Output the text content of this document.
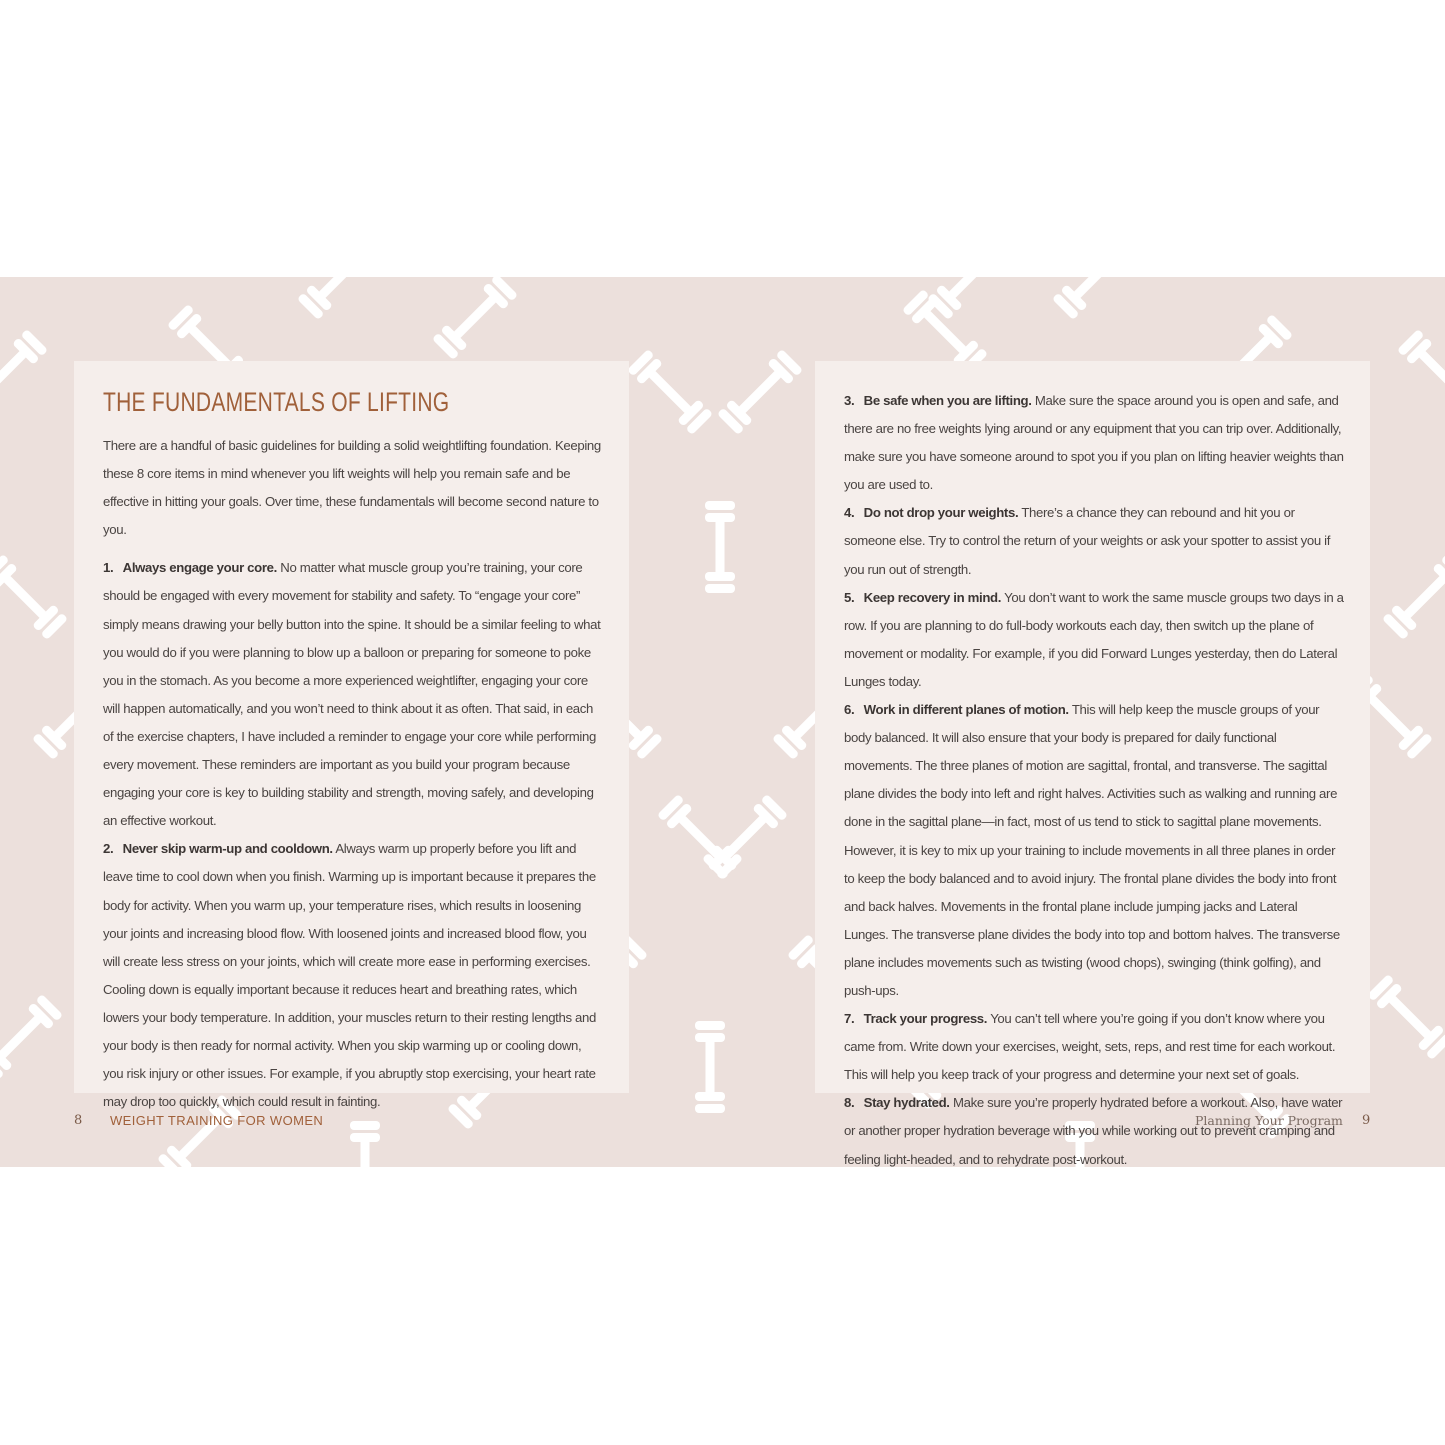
THE FUNDAMENTALS OF LIFTING
There are a handful of basic guidelines for building a solid weightlifting foundation. Keeping these 8 core items in mind whenever you lift weights will help you remain safe and be effective in hitting your goals. Over time, these fundamentals will become second nature to you.

1. Always engage your core. No matter what muscle group you’re training, your core should be engaged with every movement for stability and safety. To “engage your core” simply means drawing your belly button into the spine. It should be a similar feeling to what you would do if you were planning to blow up a balloon or preparing for someone to poke you in the stomach. As you become a more experienced weightlifter, engaging your core will happen automatically, and you won’t need to think about it as often. That said, in each of the exercise chapters, I have included a reminder to engage your core while performing every movement. These reminders are important as you build your program because engaging your core is key to building stability and strength, moving safely, and developing an effective workout.

2. Never skip warm-up and cooldown. Always warm up properly before you lift and leave time to cool down when you finish. Warming up is important because it prepares the body for activity. When you warm up, your temperature rises, which results in loosening your joints and increasing blood flow. With loosened joints and increased blood flow, you will create less stress on your joints, which will create more ease in performing exercises. Cooling down is equally important because it reduces heart and breathing rates, which lowers your body temperature. In addition, your muscles return to their resting lengths and your body is then ready for normal activity. When you skip warming up or cooling down, you risk injury or other issues. For example, if you abruptly stop exercising, your heart rate may drop too quickly, which could result in fainting.

3. Be safe when you are lifting. Make sure the space around you is open and safe, and there are no free weights lying around or any equipment that you can trip over. Additionally, make sure you have someone around to spot you if you plan on lifting heavier weights than you are used to.

4. Do not drop your weights. There’s a chance they can rebound and hit you or someone else. Try to control the return of your weights or ask your spotter to assist you if you run out of strength.

5. Keep recovery in mind. You don’t want to work the same muscle groups two days in a row. If you are planning to do full-body workouts each day, then switch up the plane of movement or modality. For example, if you did Forward Lunges yesterday, then do Lateral Lunges today.

6. Work in different planes of motion. This will help keep the muscle groups of your body balanced. It will also ensure that your body is prepared for daily functional movements. The three planes of motion are sagittal, frontal, and transverse. The sagittal plane divides the body into left and right halves. Activities such as walking and running are done in the sagittal plane—in fact, most of us tend to stick to sagittal plane movements. However, it is key to mix up your training to include movements in all three planes in order to keep the body balanced and to avoid injury. The frontal plane divides the body into front and back halves. Movements in the frontal plane include jumping jacks and Lateral Lunges. The transverse plane divides the body into top and bottom halves. The transverse plane includes movements such as twisting (wood chops), swinging (think golfing), and push-ups.

7. Track your progress. You can’t tell where you’re going if you don’t know where you came from. Write down your exercises, weight, sets, reps, and rest time for each workout. This will help you keep track of your progress and determine your next set of goals.

8. Stay hydrated. Make sure you’re properly hydrated before a workout. Also, have water or another proper hydration beverage with you while working out to prevent cramping and feeling light-headed, and to rehydrate post-workout.

8 WEIGHT TRAINING FOR WOMEN	Planning Your Program 9
